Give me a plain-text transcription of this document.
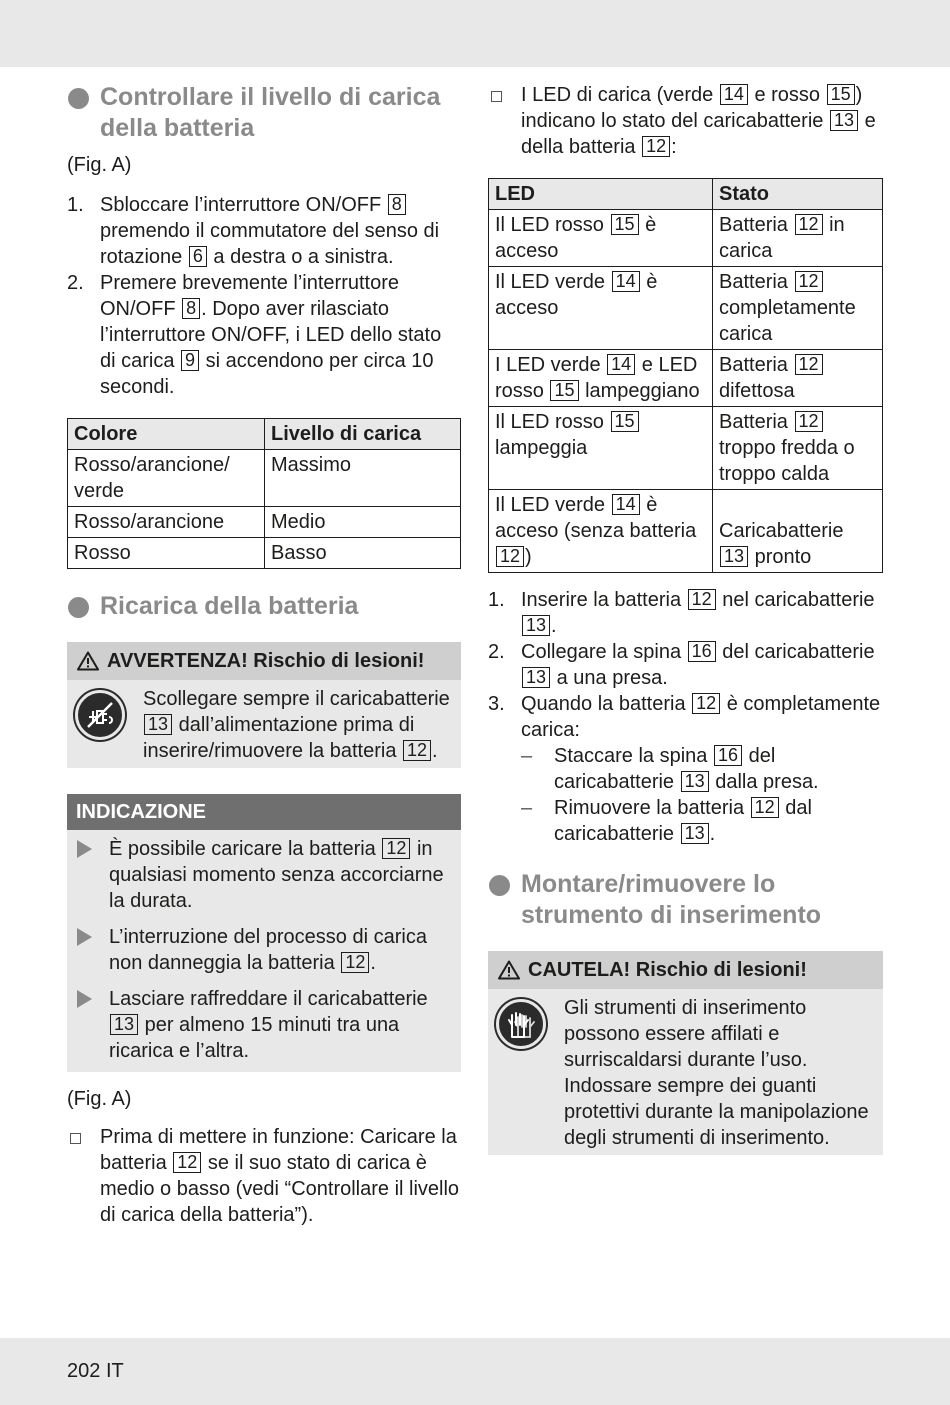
Controllare il livello di carica della batteria
(Fig. A)
1. Sbloccare l’interruttore ON/OFF 8 premendo il commutatore del senso di rotazione 6 a destra o a sinistra.
2. Premere brevemente l’interruttore ON/OFF 8 . Dopo aver rilasciato l’interruttore ON/OFF, i LED dello stato di carica 9 si accendono per circa 10 secondi.
Colore	Livello di carica
Rosso/arancione/ verde	Massimo
Rosso/arancione	Medio
Rosso	Basso
Ricarica della batteria
AVVERTENZA! Rischio di lesioni!
Scollegare sempre il caricabatterie 13 dall’alimentazione prima di inserire/rimuovere la batteria 12 .
INDICAZIONE
È possibile caricare la batteria 12 in qualsiasi momento senza accorciarne la durata.
L’interruzione del processo di carica non danneggia la batteria 12 .
Lasciare raffreddare il caricabatterie 13 per almeno 15 minuti tra una ricarica e l’altra.
(Fig. A)
Prima di mettere in funzione: Caricare la batteria 12 se il suo stato di carica è medio o basso (vedi “Controllare il livello di carica della batteria”).
I LED di carica (verde 14 e rosso 15 ) indicano lo stato del caricabatterie 13 e della batteria 12 :
LED	Stato
Il LED rosso 15 è acceso	Batteria 12 in carica
Il LED verde 14 è acceso	Batteria 12 completamente carica
I LED verde 14 e LED rosso 15 lampeggiano	Batteria 12 difettosa
Il LED rosso 15 lampeggia	Batteria 12 troppo fredda o troppo calda
Il LED verde 14 è acceso (senza batteria 12 )	Caricabatterie 13 pronto
1. Inserire la batteria 12 nel caricabatterie 13 .
2. Collegare la spina 16 del caricabatterie 13 a una presa.
3. Quando la batteria 12 è completamente carica:
– Staccare la spina 16 del caricabatterie 13 dalla presa.
– Rimuovere la batteria 12 dal caricabatterie 13 .
Montare/rimuovere lo strumento di inserimento
CAUTELA! Rischio di lesioni!
Gli strumenti di inserimento possono essere affilati e surriscaldarsi durante l’uso. Indossare sempre dei guanti protettivi durante la manipolazione degli strumenti di inserimento.
202 IT
